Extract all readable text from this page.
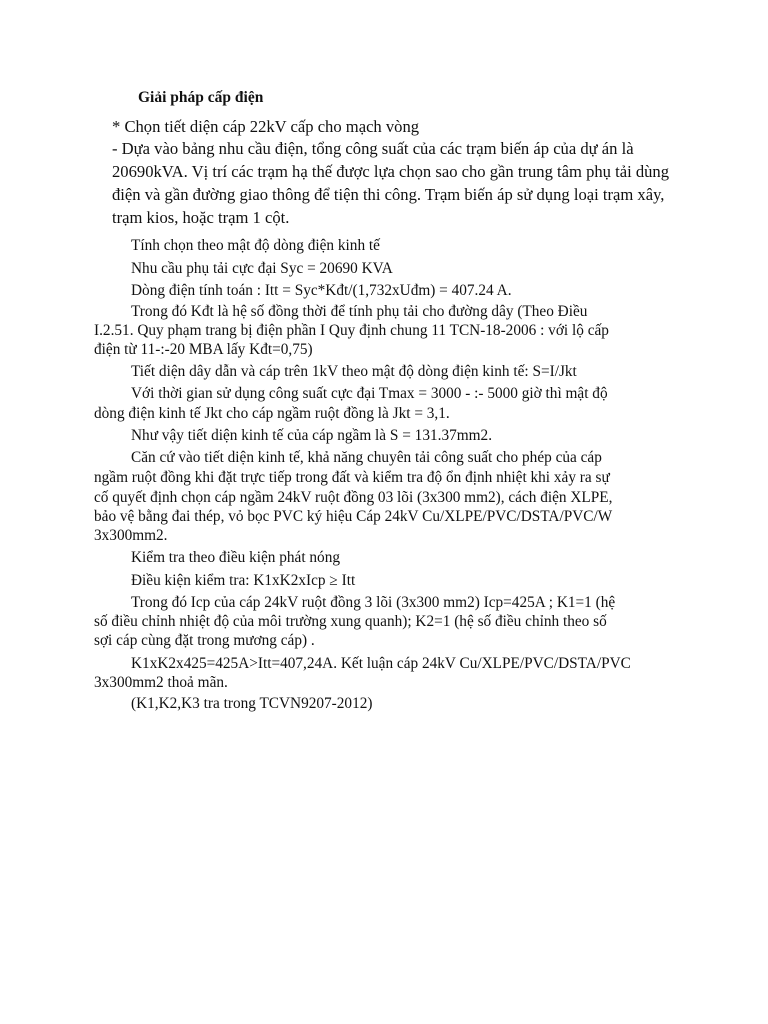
Giải pháp cấp điện
* Chọn tiết diện cáp 22kV cấp cho mạch vòng
- Dựa vào bảng nhu cầu điện, tổng công suất của các trạm biến áp của dự án là
20690kVA. Vị trí các trạm hạ thế được lựa chọn sao cho gần trung tâm phụ tải dùng
điện và gần đường giao thông để tiện thi công. Trạm biến áp sử dụng loại trạm xây,
trạm kios, hoặc trạm 1 cột.
Tính chọn theo mật độ dòng điện kinh tế
Nhu cầu phụ tải cực đại Syc = 20690 KVA
Dòng điện tính toán : Itt = Syc*Kđt/(1,732xUđm) = 407.24 A.
Trong đó Kđt là hệ số đồng thời để tính phụ tải cho đường dây (Theo Điều
I.2.51. Quy phạm trang bị điện phần I Quy định chung 11 TCN-18-2006 : với lộ cấp
điện từ 11-:-20 MBA lấy Kđt=0,75)
Tiết diện dây dẫn và cáp trên 1kV theo mật độ dòng điện kinh tế: S=I/Jkt
Với thời gian sử dụng công suất cực đại Tmax = 3000 - :- 5000 giờ thì mật độ
dòng điện kinh tế Jkt cho cáp ngầm ruột đồng là Jkt = 3,1.
Như vậy tiết diện kinh tế của cáp ngầm là S = 131.37mm2.
Căn cứ vào tiết diện kinh tế, khả năng chuyên tải công suất cho phép của cáp
ngầm ruột đồng khi đặt trực tiếp trong đất và kiểm tra độ ổn định nhiệt khi xảy ra sự
cố quyết định chọn cáp ngầm 24kV ruột đồng 03 lõi (3x300 mm2), cách điện XLPE,
bảo vệ bằng đai thép, vỏ bọc PVC ký hiệu Cáp 24kV Cu/XLPE/PVC/DSTA/PVC/W
3x300mm2.
Kiểm tra theo điều kiện phát nóng
Điều kiện kiểm tra: K1xK2xIcp ≥ Itt
Trong đó Icp của cáp 24kV ruột đồng 3 lõi (3x300 mm2) Icp=425A ; K1=1 (hệ
số điều chỉnh nhiệt độ của môi trường xung quanh); K2=1 (hệ số điều chỉnh theo số
sợi cáp cùng đặt trong mương cáp) .
K1xK2x425=425A>Itt=407,24A. Kết luận cáp 24kV Cu/XLPE/PVC/DSTA/PVC
3x300mm2 thoả mãn.
(K1,K2,K3 tra trong TCVN9207-2012)
